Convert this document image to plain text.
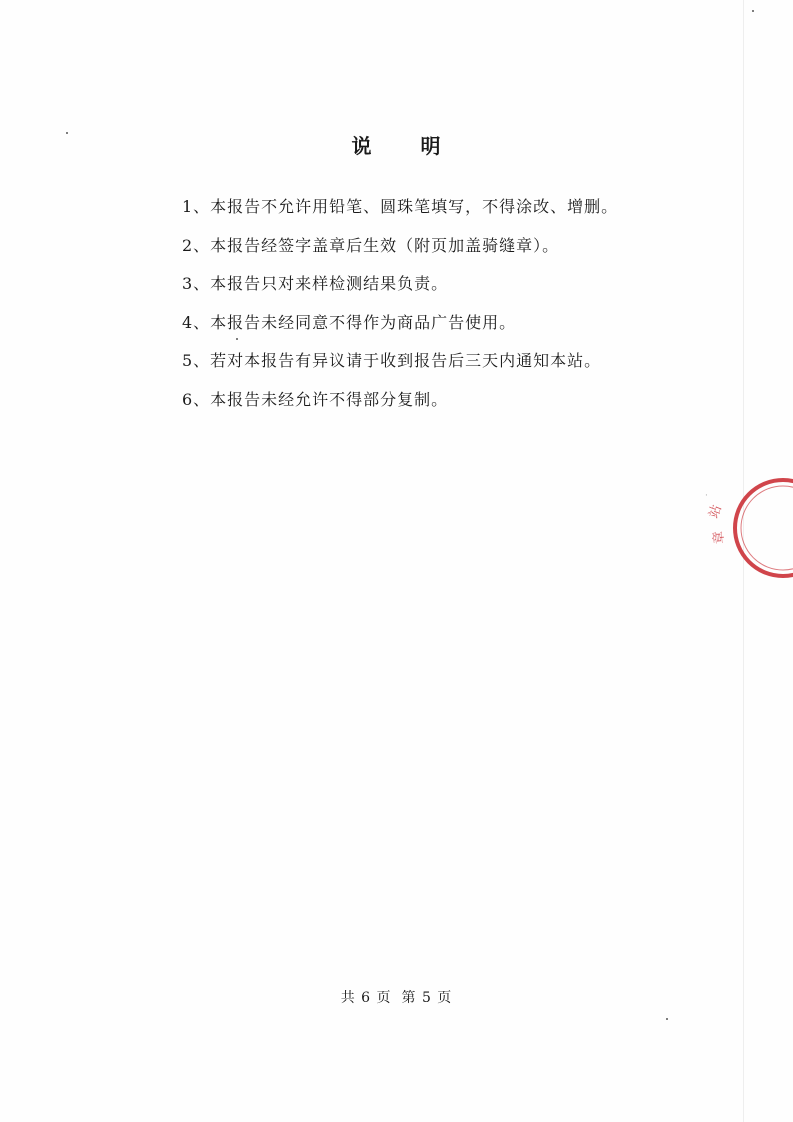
说 明
1、本报告不允许用铅笔、圆珠笔填写，不得涂改、增删。
2、本报告经签字盖章后生效（附页加盖骑缝章）。
3、本报告只对来样检测结果负责。
4、本报告未经同意不得作为商品广告使用。
5、若对本报告有异议请于收到报告后三天内通知本站。
6、本报告未经允许不得部分复制。
站
章
·
共 6 页 第 5 页
